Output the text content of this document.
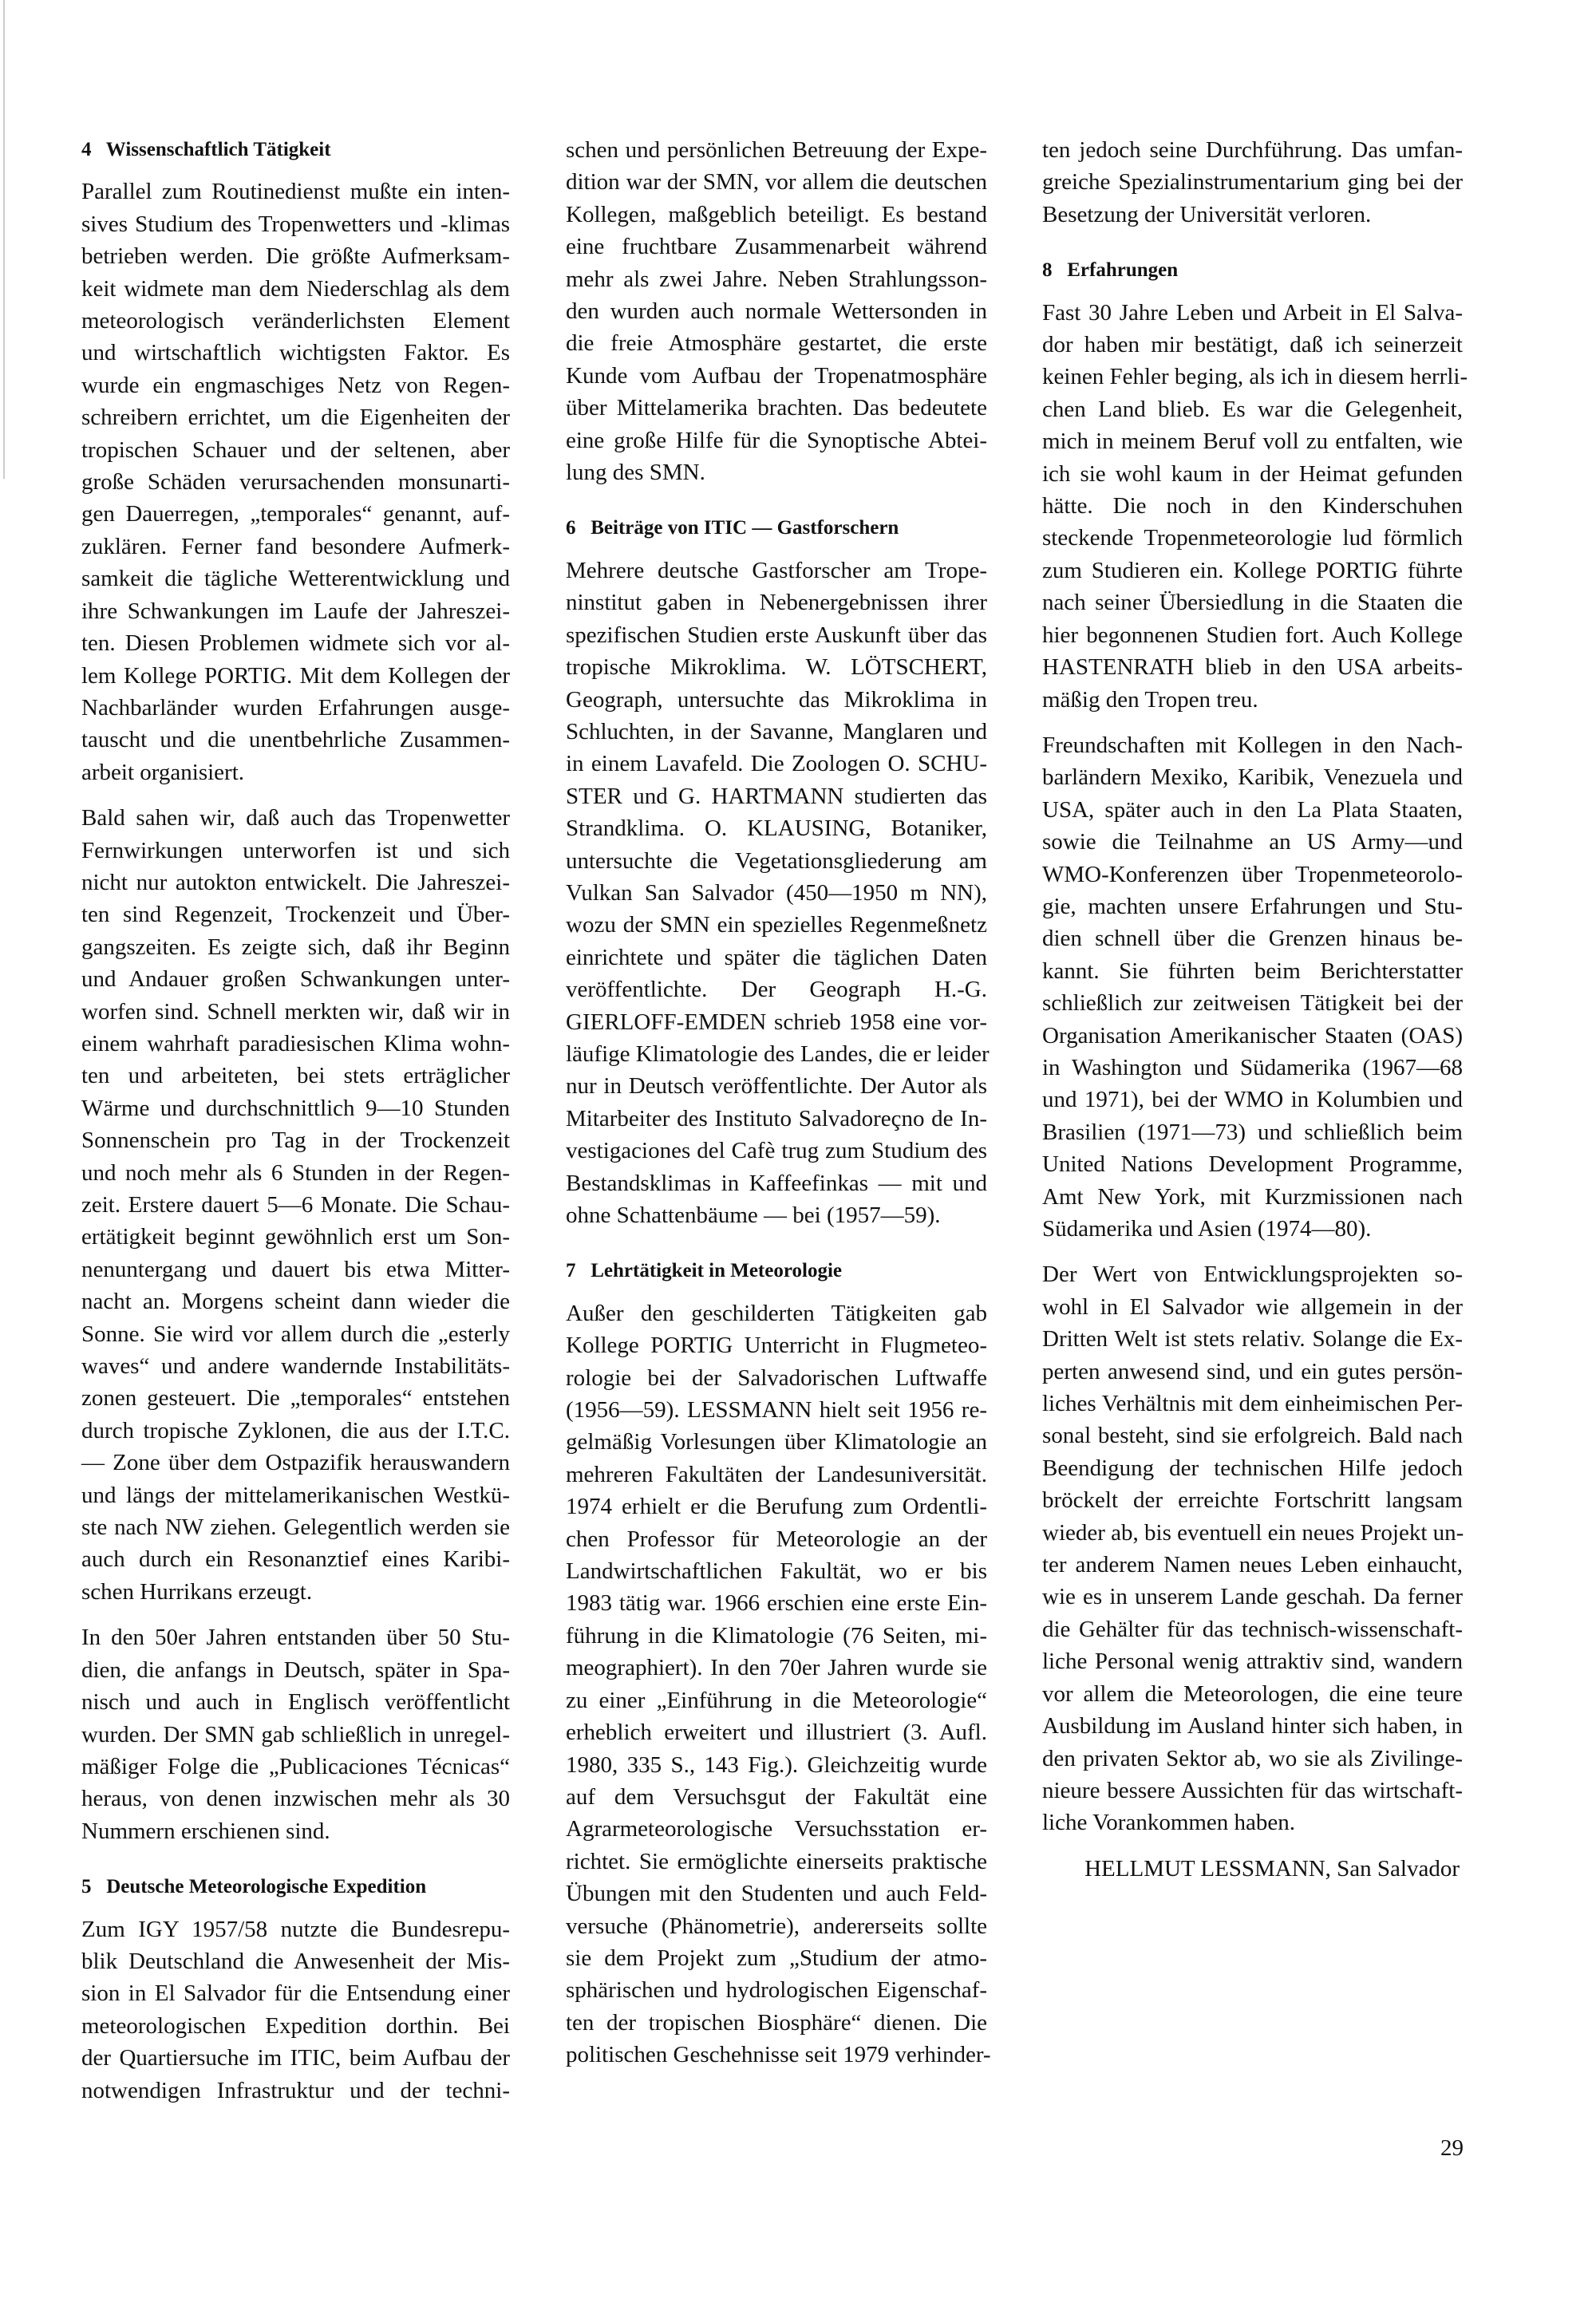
4   Wissenschaftlich Tätigkeit
Parallel zum Routinedienst mußte ein inten-
sives Studium des Tropenwetters und -klimas
betrieben werden. Die größte Aufmerksam-
keit widmete man dem Niederschlag als dem
meteorologisch veränderlichsten Element
und wirtschaftlich wichtigsten Faktor. Es
wurde ein engmaschiges Netz von Regen-
schreibern errichtet, um die Eigenheiten der
tropischen Schauer und der seltenen, aber
große Schäden verursachenden monsunarti-
gen Dauerregen, „temporales“ genannt, auf-
zuklären. Ferner fand besondere Aufmerk-
samkeit die tägliche Wetterentwicklung und
ihre Schwankungen im Laufe der Jahreszei-
ten. Diesen Problemen widmete sich vor al-
lem Kollege PORTIG. Mit dem Kollegen der
Nachbarländer wurden Erfahrungen ausge-
tauscht und die unentbehrliche Zusammen-
arbeit organisiert.
Bald sahen wir, daß auch das Tropenwetter
Fernwirkungen unterworfen ist und sich
nicht nur autokton entwickelt. Die Jahreszei-
ten sind Regenzeit, Trockenzeit und Über-
gangszeiten. Es zeigte sich, daß ihr Beginn
und Andauer großen Schwankungen unter-
worfen sind. Schnell merkten wir, daß wir in
einem wahrhaft paradiesischen Klima wohn-
ten und arbeiteten, bei stets erträglicher
Wärme und durchschnittlich 9—10 Stunden
Sonnenschein pro Tag in der Trockenzeit
und noch mehr als 6 Stunden in der Regen-
zeit. Erstere dauert 5—6 Monate. Die Schau-
ertätigkeit beginnt gewöhnlich erst um Son-
nenuntergang und dauert bis etwa Mitter-
nacht an. Morgens scheint dann wieder die
Sonne. Sie wird vor allem durch die „esterly
waves“ und andere wandernde Instabilitäts-
zonen gesteuert. Die „temporales“ entstehen
durch tropische Zyklonen, die aus der I.T.C.
— Zone über dem Ostpazifik herauswandern
und längs der mittelamerikanischen Westkü-
ste nach NW ziehen. Gelegentlich werden sie
auch durch ein Resonanztief eines Karibi-
schen Hurrikans erzeugt.
In den 50er Jahren entstanden über 50 Stu-
dien, die anfangs in Deutsch, später in Spa-
nisch und auch in Englisch veröffentlicht
wurden. Der SMN gab schließlich in unregel-
mäßiger Folge die „Publicaciones Técnicas“
heraus, von denen inzwischen mehr als 30
Nummern erschienen sind.
5   Deutsche Meteorologische Expedition
Zum IGY 1957/58 nutzte die Bundesrepu-
blik Deutschland die Anwesenheit der Mis-
sion in El Salvador für die Entsendung einer
meteorologischen Expedition dorthin. Bei
der Quartiersuche im ITIC, beim Aufbau der
notwendigen Infrastruktur und der techni-
schen und persönlichen Betreuung der Expe-
dition war der SMN, vor allem die deutschen
Kollegen, maßgeblich beteiligt. Es bestand
eine fruchtbare Zusammenarbeit während
mehr als zwei Jahre. Neben Strahlungsson-
den wurden auch normale Wettersonden in
die freie Atmosphäre gestartet, die erste
Kunde vom Aufbau der Tropenatmosphäre
über Mittelamerika brachten. Das bedeutete
eine große Hilfe für die Synoptische Abtei-
lung des SMN.
6   Beiträge von ITIC — Gastforschern
Mehrere deutsche Gastforscher am Trope-
ninstitut gaben in Nebenergebnissen ihrer
spezifischen Studien erste Auskunft über das
tropische Mikroklima. W. LÖTSCHERT,
Geograph, untersuchte das Mikroklima in
Schluchten, in der Savanne, Manglaren und
in einem Lavafeld. Die Zoologen O. SCHU-
STER und G. HARTMANN studierten das
Strandklima. O. KLAUSING, Botaniker,
untersuchte die Vegetationsgliederung am
Vulkan San Salvador (450—1950 m NN),
wozu der SMN ein spezielles Regenmeßnetz
einrichtete und später die täglichen Daten
veröffentlichte. Der Geograph H.-G.
GIERLOFF-EMDEN schrieb 1958 eine vor-
läufige Klimatologie des Landes, die er leider
nur in Deutsch veröffentlichte. Der Autor als
Mitarbeiter des Instituto Salvadoreçno de In-
vestigaciones del Cafè trug zum Studium des
Bestandsklimas in Kaffeefinkas — mit und
ohne Schattenbäume — bei (1957—59).
7   Lehrtätigkeit in Meteorologie
Außer den geschilderten Tätigkeiten gab
Kollege PORTIG Unterricht in Flugmeteo-
rologie bei der Salvadorischen Luftwaffe
(1956—59). LESSMANN hielt seit 1956 re-
gelmäßig Vorlesungen über Klimatologie an
mehreren Fakultäten der Landesuniversität.
1974 erhielt er die Berufung zum Ordentli-
chen Professor für Meteorologie an der
Landwirtschaftlichen Fakultät, wo er bis
1983 tätig war. 1966 erschien eine erste Ein-
führung in die Klimatologie (76 Seiten, mi-
meographiert). In den 70er Jahren wurde sie
zu einer „Einführung in die Meteorologie“
erheblich erweitert und illustriert (3. Aufl.
1980, 335 S., 143 Fig.). Gleichzeitig wurde
auf dem Versuchsgut der Fakultät eine
Agrarmeteorologische Versuchsstation er-
richtet. Sie ermöglichte einerseits praktische
Übungen mit den Studenten und auch Feld-
versuche (Phänometrie), andererseits sollte
sie dem Projekt zum „Studium der atmo-
sphärischen und hydrologischen Eigenschaf-
ten der tropischen Biosphäre“ dienen. Die
politischen Geschehnisse seit 1979 verhinder-
ten jedoch seine Durchführung. Das umfan-
greiche Spezialinstrumentarium ging bei der
Besetzung der Universität verloren.
8   Erfahrungen
Fast 30 Jahre Leben und Arbeit in El Salva-
dor haben mir bestätigt, daß ich seinerzeit
keinen Fehler beging, als ich in diesem herrli-
chen Land blieb. Es war die Gelegenheit,
mich in meinem Beruf voll zu entfalten, wie
ich sie wohl kaum in der Heimat gefunden
hätte. Die noch in den Kinderschuhen
steckende Tropenmeteorologie lud förmlich
zum Studieren ein. Kollege PORTIG führte
nach seiner Übersiedlung in die Staaten die
hier begonnenen Studien fort. Auch Kollege
HASTENRATH blieb in den USA arbeits-
mäßig den Tropen treu.
Freundschaften mit Kollegen in den Nach-
barländern Mexiko, Karibik, Venezuela und
USA, später auch in den La Plata Staaten,
sowie die Teilnahme an US Army—und
WMO-Konferenzen über Tropenmeteorolo-
gie, machten unsere Erfahrungen und Stu-
dien schnell über die Grenzen hinaus be-
kannt. Sie führten beim Berichterstatter
schließlich zur zeitweisen Tätigkeit bei der
Organisation Amerikanischer Staaten (OAS)
in Washington und Südamerika (1967—68
und 1971), bei der WMO in Kolumbien und
Brasilien (1971—73) und schließlich beim
United Nations Development Programme,
Amt New York, mit Kurzmissionen nach
Südamerika und Asien (1974—80).
Der Wert von Entwicklungsprojekten so-
wohl in El Salvador wie allgemein in der
Dritten Welt ist stets relativ. Solange die Ex-
perten anwesend sind, und ein gutes persön-
liches Verhältnis mit dem einheimischen Per-
sonal besteht, sind sie erfolgreich. Bald nach
Beendigung der technischen Hilfe jedoch
bröckelt der erreichte Fortschritt langsam
wieder ab, bis eventuell ein neues Projekt un-
ter anderem Namen neues Leben einhaucht,
wie es in unserem Lande geschah. Da ferner
die Gehälter für das technisch-wissenschaft-
liche Personal wenig attraktiv sind, wandern
vor allem die Meteorologen, die eine teure
Ausbildung im Ausland hinter sich haben, in
den privaten Sektor ab, wo sie als Zivilinge-
nieure bessere Aussichten für das wirtschaft-
liche Vorankommen haben.
HELLMUT LESSMANN, San Salvador
29
